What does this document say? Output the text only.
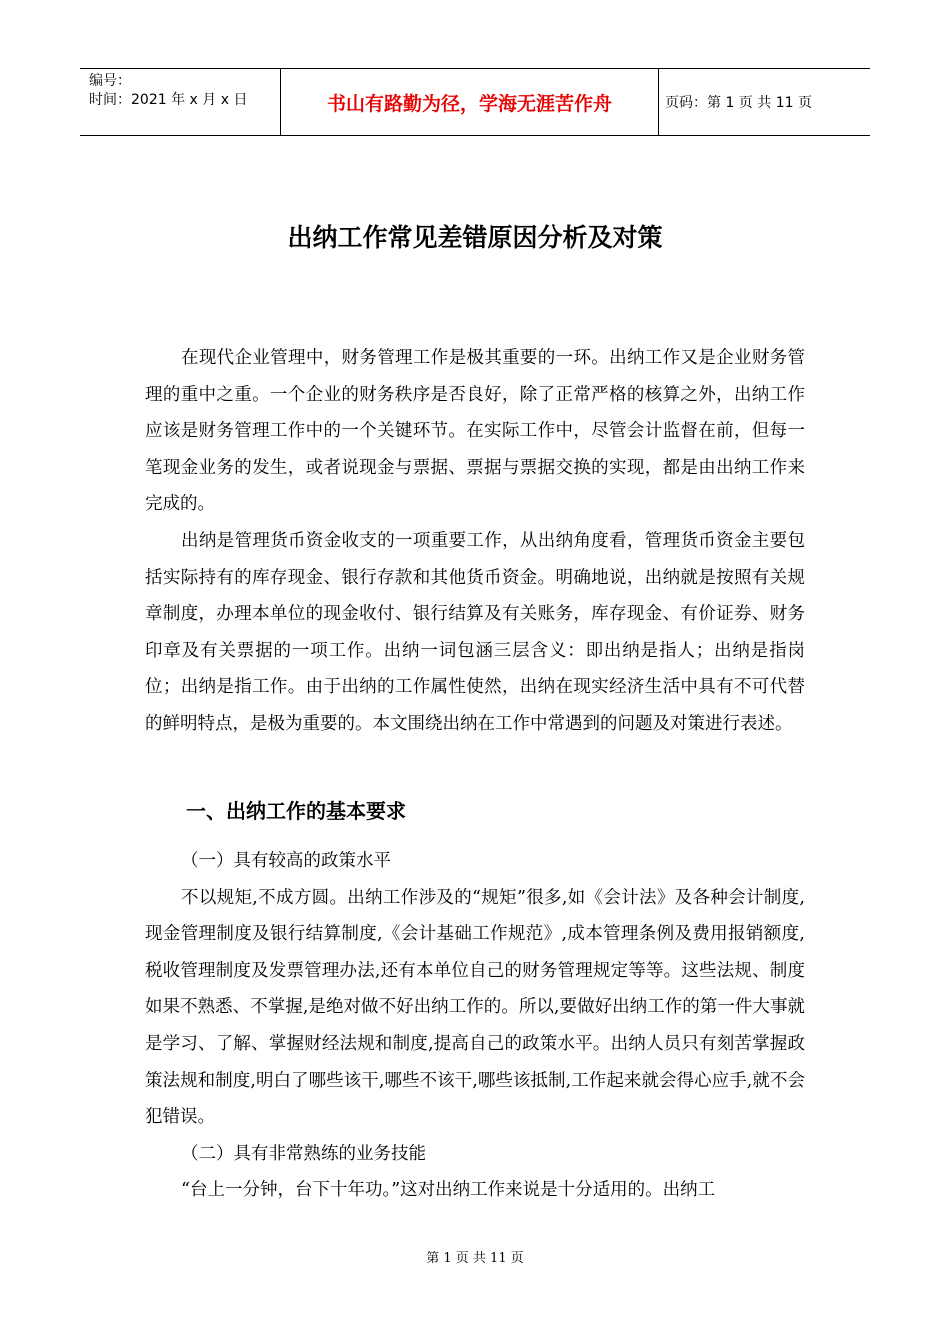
编号：
时间：2021 年 x 月 x 日	书山有路勤为径，学海无涯苦作舟	页码：第 1 页 共 11 页
出纳工作常见差错原因分析及对策

在现代企业管理中，财务管理工作是极其重要的一环。出纳工作又是企业财务管理的重中之重。一个企业的财务秩序是否良好，除了正常严格的核算之外，出纳工作应该是财务管理工作中的一个关键环节。在实际工作中，尽管会计监督在前，但每一笔现金业务的发生，或者说现金与票据、票据与票据交换的实现，都是由出纳工作来完成的。

出纳是管理货币资金收支的一项重要工作，从出纳角度看，管理货币资金主要包括实际持有的库存现金、银行存款和其他货币资金。明确地说，出纳就是按照有关规章制度，办理本单位的现金收付、银行结算及有关账务，库存现金、有价证券、财务印章及有关票据的一项工作。出纳一词包涵三层含义：即出纳是指人；出纳是指岗位；出纳是指工作。由于出纳的工作属性使然，出纳在现实经济生活中具有不可代替的鲜明特点，是极为重要的。本文围绕出纳在工作中常遇到的问题及对策进行表述。

一、出纳工作的基本要求

（一）具有较高的政策水平

不以规矩,不成方圆。出纳工作涉及的“规矩”很多,如《会计法》及各种会计制度,现金管理制度及银行结算制度,《会计基础工作规范》,成本管理条例及费用报销额度,税收管理制度及发票管理办法,还有本单位自己的财务管理规定等等。这些法规、制度如果不熟悉、不掌握,是绝对做不好出纳工作的。所以,要做好出纳工作的第一件大事就是学习、了解、掌握财经法规和制度,提高自己的政策水平。出纳人员只有刻苦掌握政策法规和制度,明白了哪些该干,哪些不该干,哪些该抵制,工作起来就会得心应手,就不会犯错误。

（二）具有非常熟练的业务技能

“台上一分钟，台下十年功。”这对出纳工作来说是十分适用的。出纳工

第 1 页 共 11 页
